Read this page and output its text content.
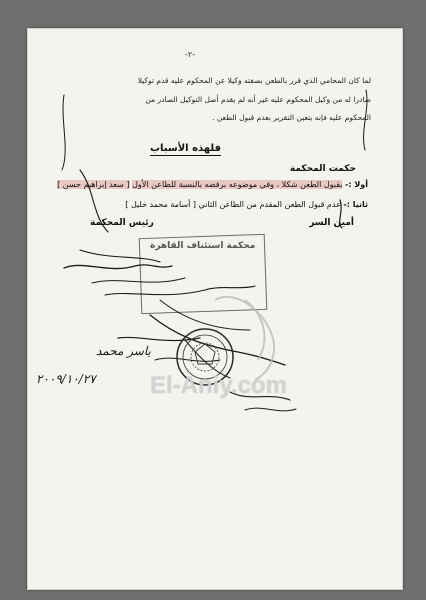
-٢-
لما كان المحامي الذي قرر بالطعن بصفته وكيلا عن المحكوم عليه قدم توكيلا
صادرا له من وكيل المحكوم عليه غير أنه لم يقدم أصل التوكيل الصادر من
المحكوم عليه فإنه يتعين التقرير بعدم قبول الطعن .
فلهذه الأسباب
حكمت المحكمة
أولا :- بقبول الطعن شكلا ، وفي موضوعه برفضه بالنسبة للطاعن الأول [ سعد إبراهيم حسن ]
ثانيا :- عدم قبول الطعن المقدم من الطاعن الثاني [ أسامة محمد خليل ]
أمين السر
رئيس المحكمة
محكمة استئناف القاهرة
ياسر محمد
٢٠٠٩/١٠/٢٧ El-Aniy.com
